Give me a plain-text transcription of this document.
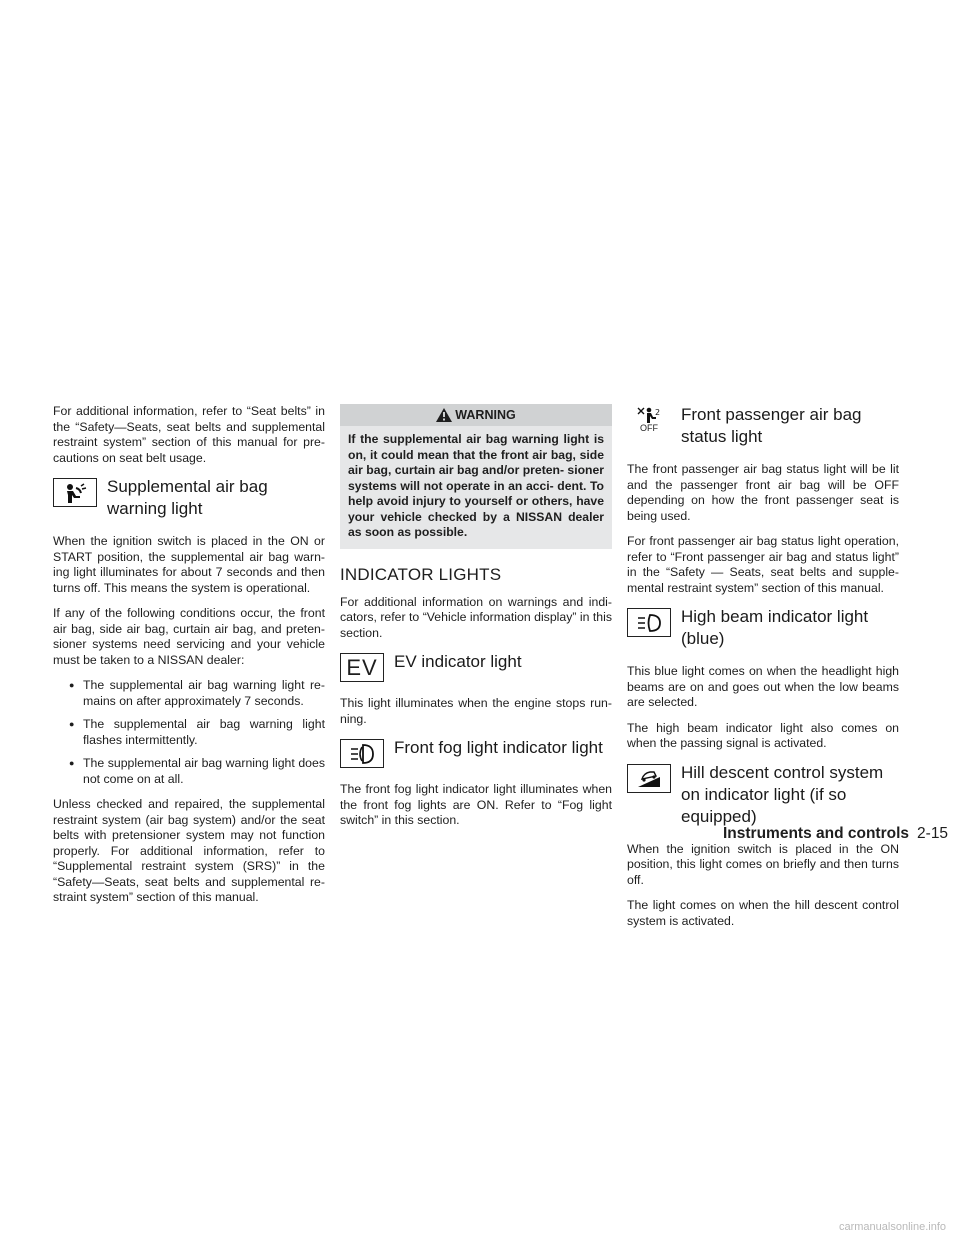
For additional information, refer to “Seat belts” in the “Safety—Seats, seat belts and supplemental restraint system” section of this manual for pre- cautions on seat belt usage.

Supplemental air bag warning light

When the ignition switch is placed in the ON or START position, the supplemental air bag warn- ing light illuminates for about 7 seconds and then turns off. This means the system is operational.

If any of the following conditions occur, the front air bag, side air bag, curtain air bag, and preten- sioner systems need servicing and your vehicle must be taken to a NISSAN dealer:

● The supplemental air bag warning light re- mains on after approximately 7 seconds.
● The supplemental air bag warning light flashes intermittently.
● The supplemental air bag warning light does not come on at all.

Unless checked and repaired, the supplemental restraint system (air bag system) and/or the seat belts with pretensioner system may not function properly. For additional information, refer to “Supplemental restraint system (SRS)” in the “Safety—Seats, seat belts and supplemental re- straint system” section of this manual.

WARNING
If the supplemental air bag warning light is on, it could mean that the front air bag, side air bag, curtain air bag and/or preten- sioner systems will not operate in an acci- dent. To help avoid injury to yourself or others, have your vehicle checked by a NISSAN dealer as soon as possible.
INDICATOR LIGHTS

For additional information on warnings and indi- cators, refer to “Vehicle information display” in this section.

EV EV indicator light

This light illuminates when the engine stops run- ning.

Front fog light indicator light

The front fog light indicator light illuminates when the front fog lights are ON. Refer to “Fog light switch” in this section.

2
OFF
Front passenger air bag status light

The front passenger air bag status light will be lit and the passenger front air bag will be OFF depending on how the front passenger seat is being used.

For front passenger air bag status light operation, refer to “Front passenger air bag and status light” in the “Safety — Seats, seat belts and supple- mental restraint system” section of this manual.

High beam indicator light (blue)

This blue light comes on when the headlight high beams are on and goes out when the low beams are selected.

The high beam indicator light also comes on when the passing signal is activated.

Hill descent control system on indicator light (if so equipped)

When the ignition switch is placed in the ON position, this light comes on briefly and then turns off.

The light comes on when the hill descent control system is activated.

Instruments and controls 2-15
carmanualsonline.info
